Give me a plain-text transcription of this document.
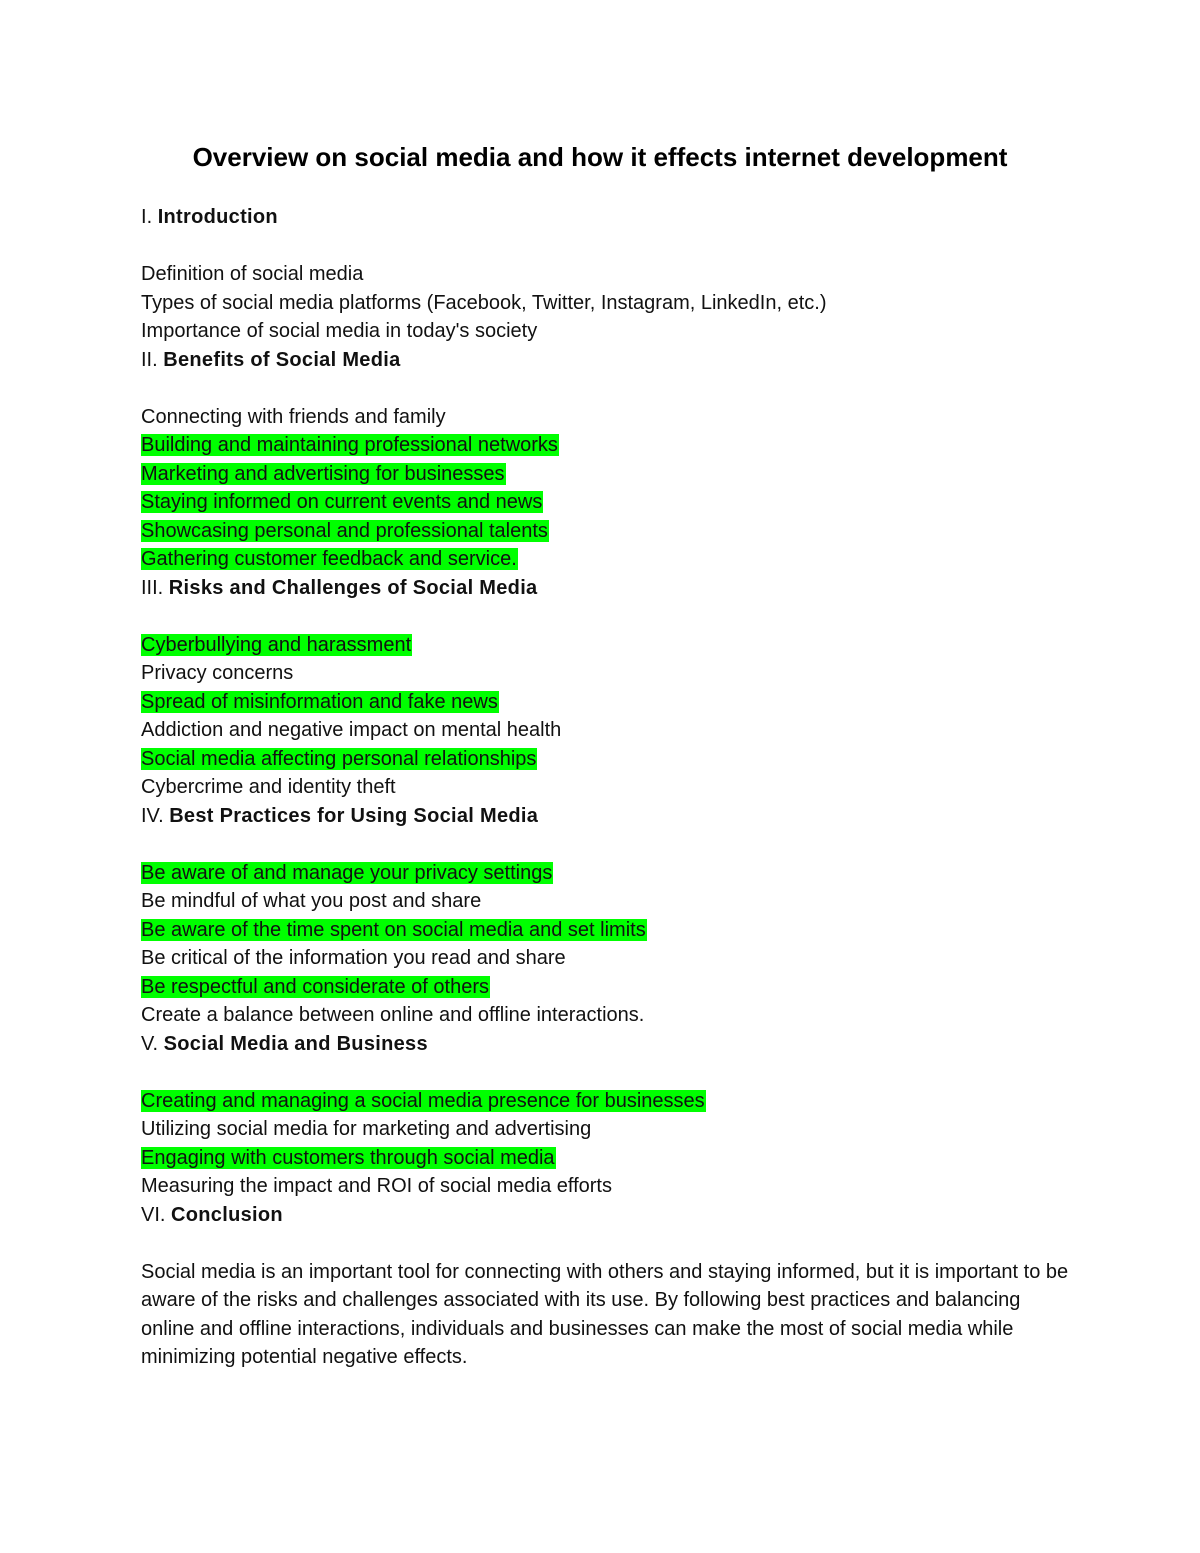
Overview on social media and how it effects internet development
I. Introduction
Definition of social media
Types of social media platforms (Facebook, Twitter, Instagram, LinkedIn, etc.)
Importance of social media in today's society
II. Benefits of Social Media
Connecting with friends and family
Building and maintaining professional networks
Marketing and advertising for businesses
Staying informed on current events and news
Showcasing personal and professional talents
Gathering customer feedback and service.
III. Risks and Challenges of Social Media
Cyberbullying and harassment
Privacy concerns
Spread of misinformation and fake news
Addiction and negative impact on mental health
Social media affecting personal relationships
Cybercrime and identity theft
IV. Best Practices for Using Social Media
Be aware of and manage your privacy settings
Be mindful of what you post and share
Be aware of the time spent on social media and set limits
Be critical of the information you read and share
Be respectful and considerate of others
Create a balance between online and offline interactions.
V. Social Media and Business
Creating and managing a social media presence for businesses
Utilizing social media for marketing and advertising
Engaging with customers through social media
Measuring the impact and ROI of social media efforts
VI. Conclusion

Social media is an important tool for connecting with others and staying informed, but it is important to be aware of the risks and challenges associated with its use. By following best practices and balancing online and offline interactions, individuals and businesses can make the most of social media while minimizing potential negative effects.
